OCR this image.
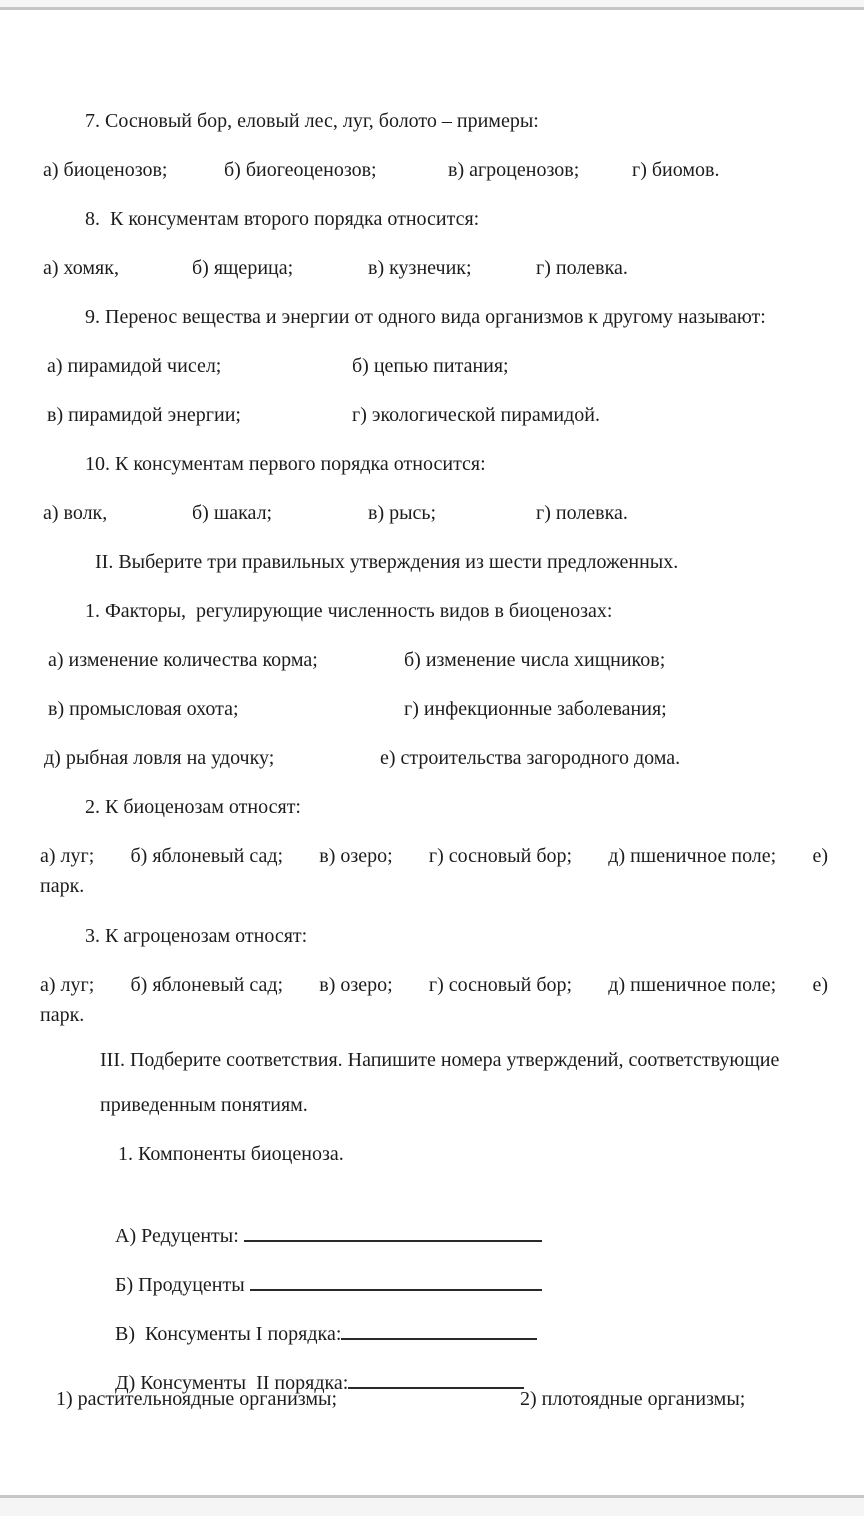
7. Сосновый бор, еловый лес, луг, болото – примеры:
а) биоценозов;	б) биогеоценозов;	в) агроценозов;	г) биомов.
8.  К консументам второго порядка относится:
а) хомяк,	б) ящерица;	в) кузнечик;	г) полевка.
9. Перенос вещества и энергии от одного вида организмов к другому называют:
а) пирамидой чисел;	б) цепью питания;
в) пирамидой энергии;	г) экологической пирамидой.
10. К консументам первого порядка относится:
а) волк,	б) шакал;	в) рысь;	г) полевка.
II. Выберите три правильных утверждения из шести предложенных.
1. Факторы,  регулирующие численность видов в биоценозах:
а) изменение количества корма;	б) изменение числа хищников;
в) промысловая охота;	г) инфекционные заболевания;
д) рыбная ловля на удочку;	е) строительства загородного дома.
2. К биоценозам относят:
а) луг; б) яблоневый сад; в) озеро; г) сосновый бор; д) пшеничное поле; е)
парк.
3. К агроценозам относят:
а) луг; б) яблоневый сад; в) озеро; г) сосновый бор; д) пшеничное поле; е)
парк.
III. Подберите соответствия. Напишите номера утверждений, соответствующие
приведенным понятиям.
1. Компоненты биоценоза.

А) Редуценты:

Б) Продуценты

В)  Консументы I порядка:

Д) Консументы  II порядка:

1) растительноядные организмы;	2) плотоядные организмы;
